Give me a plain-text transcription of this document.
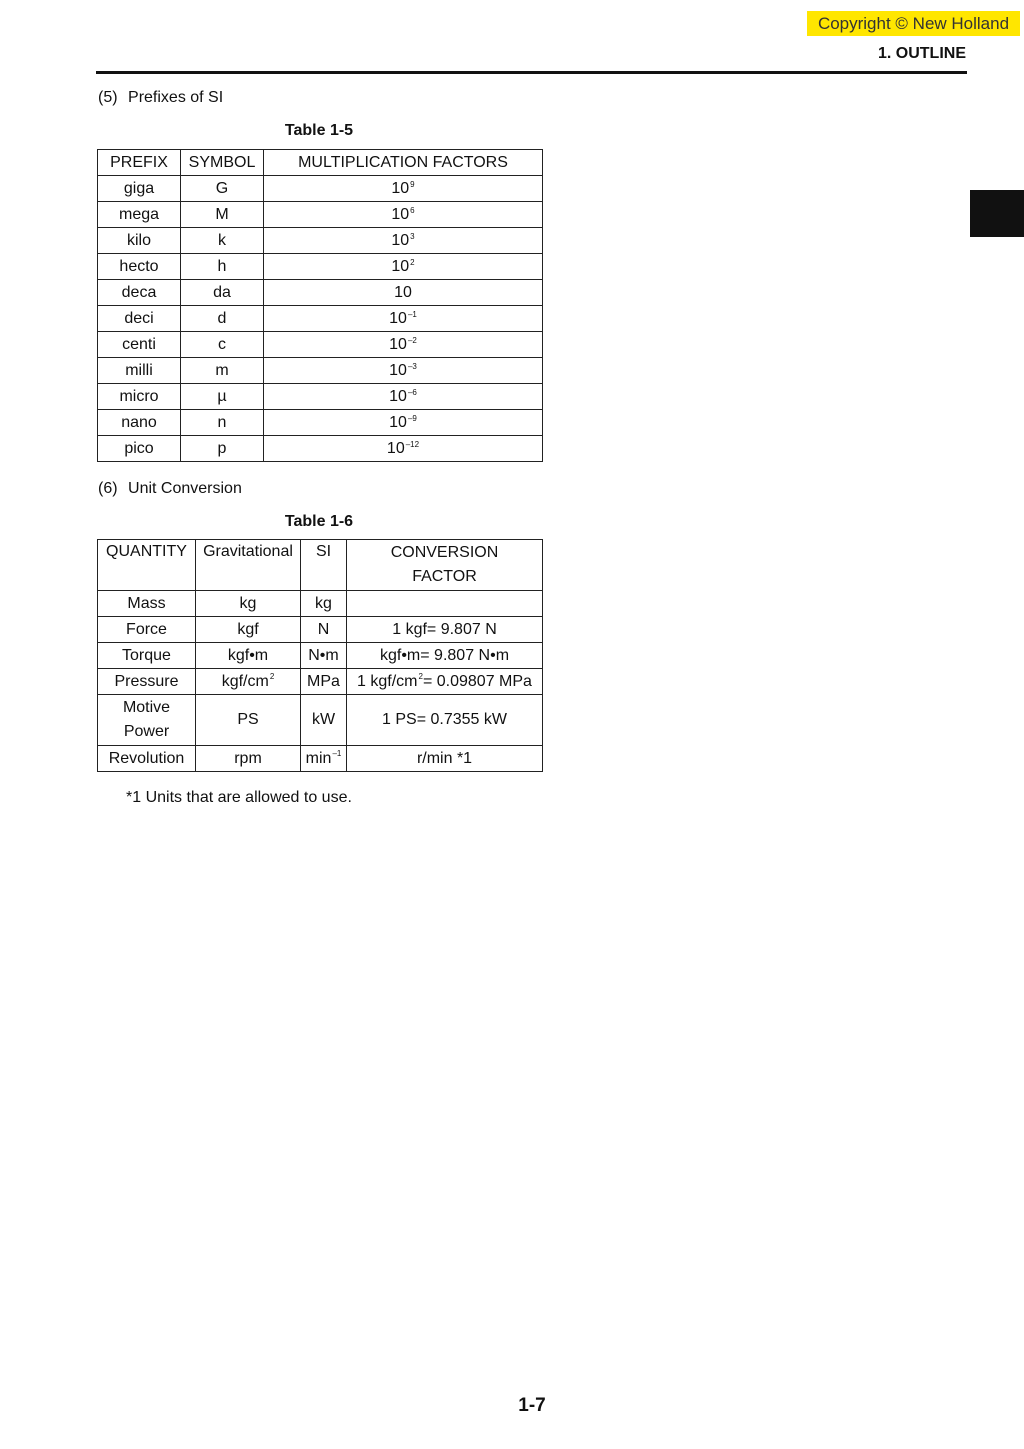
Copyright © New Holland
1. OUTLINE
(5) Prefixes of SI
Table 1-5
PREFIX	SYMBOL	MULTIPLICATION FACTORS
giga	G	$10^9$
mega	M	$10^6$
kilo	k	$10^3$
hecto	h	$10^2$
deca	da	10
deci	d	$10^{-1}$
centi	c	$10^{-2}$
milli	m	$10^{-3}$
micro	µ	$10^{-6}$
nano	n	$10^{-9}$
pico	p	$10^{-12}$
(6) Unit Conversion
Table 1-6
QUANTITY	Gravitational	SI	CONVERSION
FACTOR
Mass	kg	kg	
Force	kgf	N	1 kgf= 9.807 N
Torque	kgf•m	N•m	kgf•m= 9.807 N•m
Pressure	kgf/$cm^2$	MPa	1 kgf/$cm^2= 0.09807$ MPa
Motive
Power	PS	kW	1 PS= 0.7355 kW
Revolution	rpm	$\min^{-1}$	r/min *1
*1 Units that are allowed to use.
1-7
